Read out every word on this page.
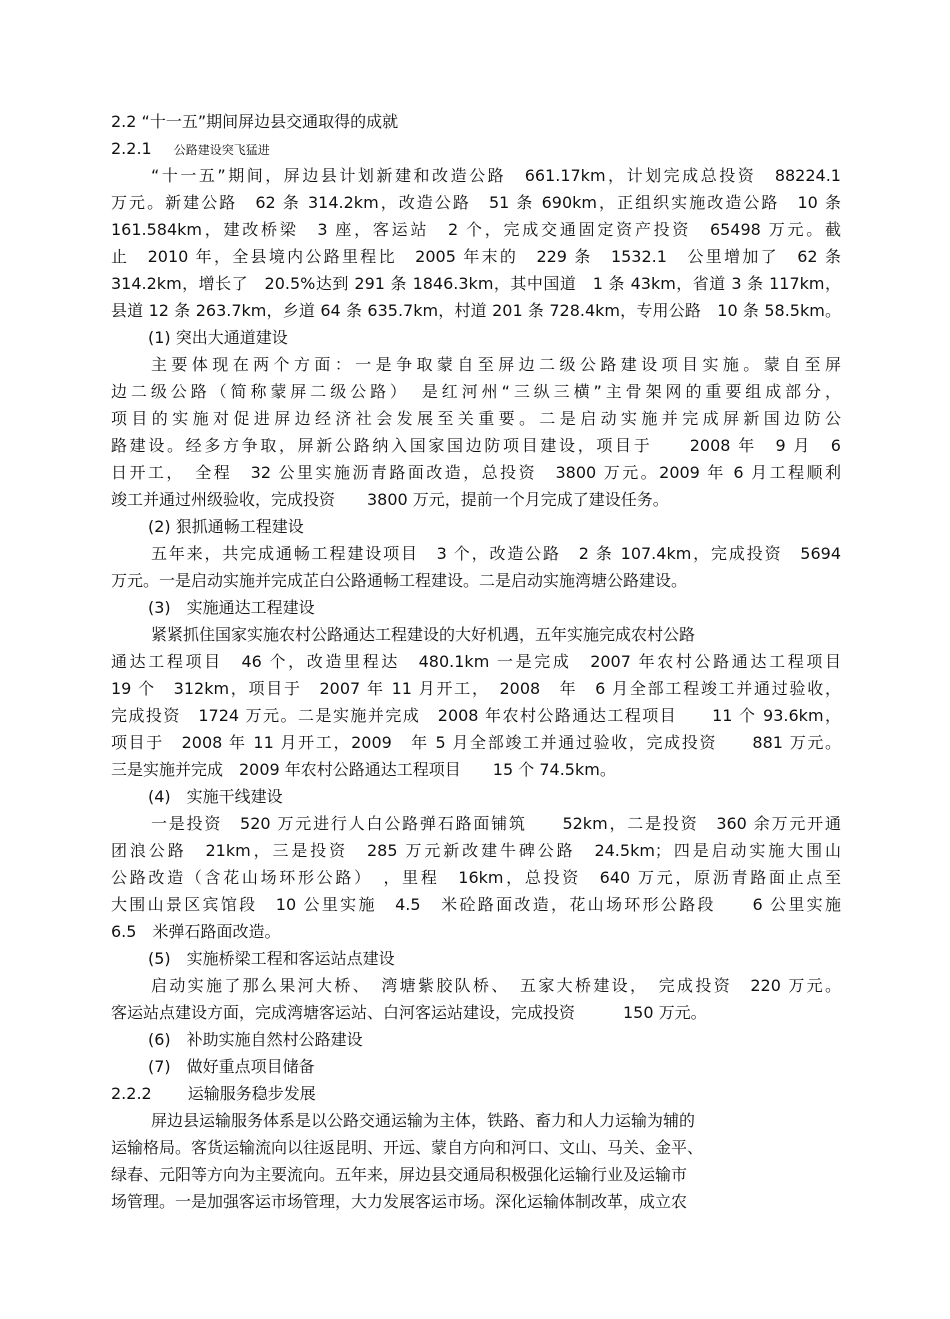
2.2 “十一五”期间屏边县交通取得的成就
2.2.1 公路建设突飞猛进
“十一五”期间，屏边县计划新建和改造公路　661.17km，计划完成总投资　88224.1
万元。新建公路　62 条 314.2km，改造公路　51 条 690km，正组织实施改造公路　10 条
161.584km，建改桥梁　3 座，客运站　2 个，完成交通固定资产投资　65498 万元。截
止　2010 年，全县境内公路里程比　2005 年末的　229 条　1532.1　公里增加了　62 条
314.2km，增长了　20.5%达到 291 条 1846.3km，其中国道　1 条 43km，省道 3 条 117km，
县道 12 条 263.7km，乡道 64 条 635.7km，村道 201 条 728.4km，专用公路　10 条 58.5km。
(1) 突出大通道建设
主要体现在两个方面：一是争取蒙自至屏边二级公路建设项目实施。蒙自至屏
边二级公路（简称蒙屏二级公路）　是红河州“三纵三横”主骨架网的重要组成部分，
项目的实施对促进屏边经济社会发展至关重要。二是启动实施并完成屏新国边防公
路建设。经多方争取，屏新公路纳入国家国边防项目建设，项目于　　2008 年　9 月　6
日开工，　全程　32 公里实施沥青路面改造，总投资　3800 万元。2009 年 6 月工程顺利
竣工并通过州级验收，完成投资　　3800 万元，提前一个月完成了建设任务。
(2) 狠抓通畅工程建设
五年来，共完成通畅工程建设项目　3 个，改造公路　2 条 107.4km，完成投资　5694
万元。一是启动实施并完成芷白公路通畅工程建设。二是启动实施湾塘公路建设。
(3)　实施通达工程建设
紧紧抓住国家实施农村公路通达工程建设的大好机遇，五年实施完成农村公路
通达工程项目　46 个，改造里程达　480.1km 一是完成　2007 年农村公路通达工程项目
19 个　312km，项目于　2007 年 11 月开工，　2008　年　6 月全部工程竣工并通过验收，
完成投资　1724 万元。二是实施并完成　2008 年农村公路通达工程项目　　11 个 93.6km，
项目于　2008 年 11 月开工，2009　年 5 月全部竣工并通过验收，完成投资　　881 万元。
三是实施并完成　2009 年农村公路通达工程项目　　15 个 74.5km。
(4)　实施干线建设
一是投资　520 万元进行人白公路弹石路面铺筑　　52km，二是投资　360 余万元开通
团浪公路　21km，三是投资　285 万元新改建牛碑公路　24.5km；四是启动实施大围山
公路改造（含花山场环形公路）　，里程　16km，总投资　640 万元，原沥青路面止点至
大围山景区宾馆段　10 公里实施　4.5　米砼路面改造，花山场环形公路段　　6 公里实施
6.5　米弹石路面改造。
(5)　实施桥梁工程和客运站点建设
启动实施了那么果河大桥、　湾塘紫胶队桥、　五家大桥建设，　完成投资　220 万元。
客运站点建设方面，完成湾塘客运站、白河客运站建设，完成投资　　　150 万元。
(6)　补助实施自然村公路建设
(7)　做好重点项目储备
2.2.2 运输服务稳步发展
屏边县运输服务体系是以公路交通运输为主体，铁路、畜力和人力运输为辅的
运输格局。客货运输流向以往返昆明、开远、蒙自方向和河口、文山、马关、金平、
绿春、元阳等方向为主要流向。五年来，屏边县交通局积极强化运输行业及运输市
场管理。一是加强客运市场管理，大力发展客运市场。深化运输体制改革，成立农
